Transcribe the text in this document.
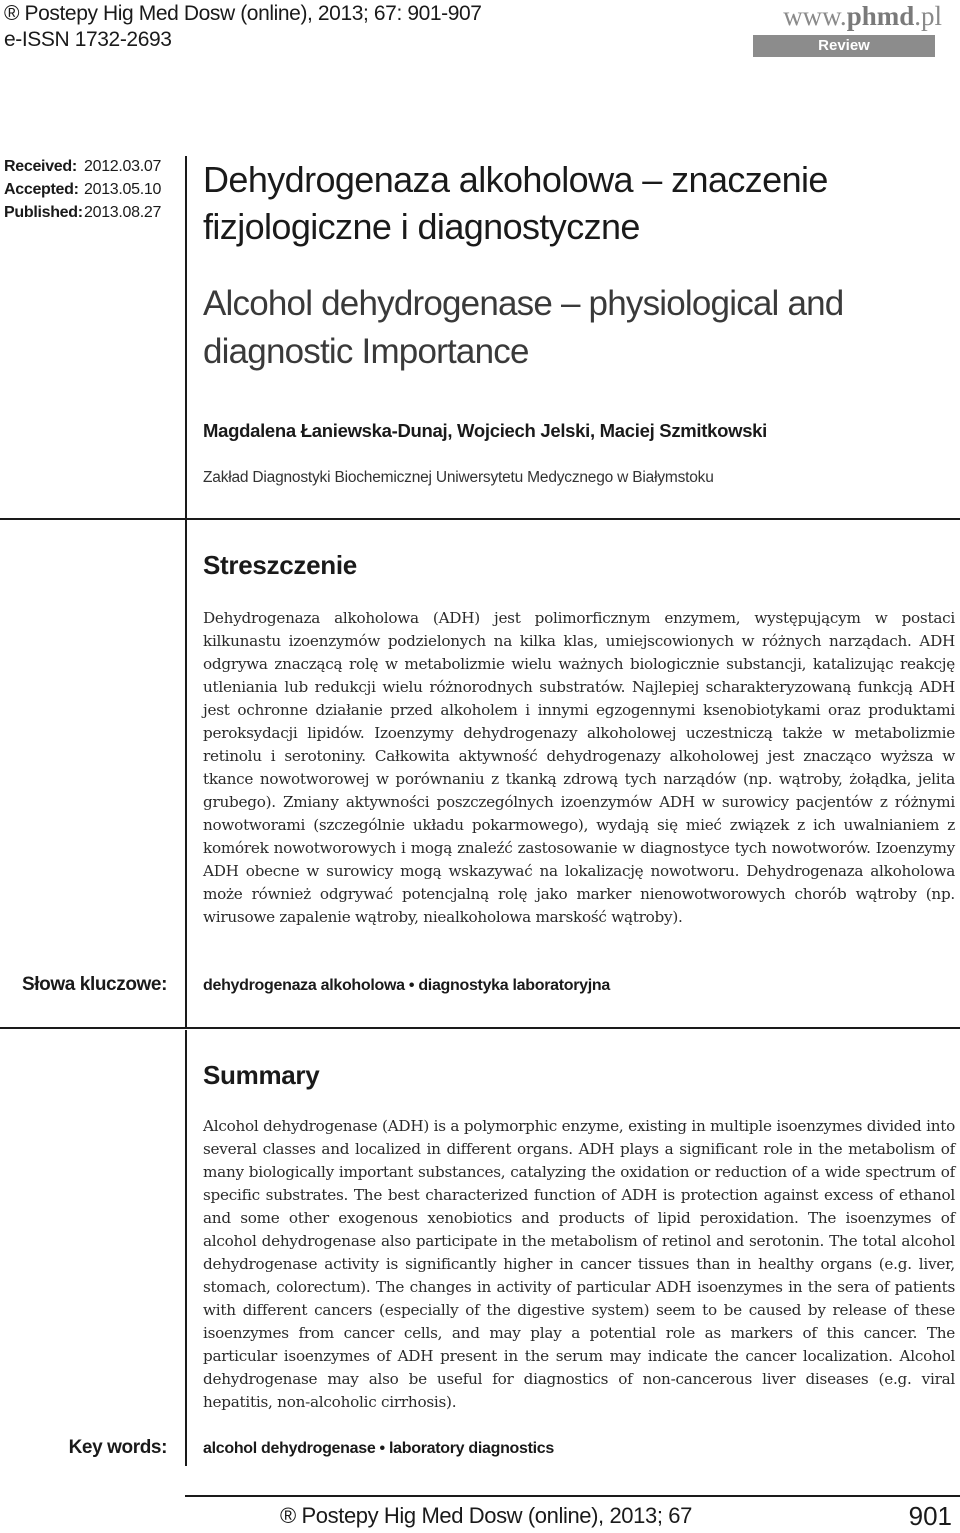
® Postepy Hig Med Dosw (online), 2013; 67: 901-907
e-ISSN 1732-2693
www.phmd.pl
Review
Received: 2012.03.07
Accepted: 2013.05.10
Published:2013.08.27
Dehydrogenaza alkoholowa – znaczenie fizjologiczne i diagnostyczne
Alcohol dehydrogenase – physiological and diagnostic Importance
Magdalena Łaniewska-Dunaj, Wojciech Jelski, Maciej Szmitkowski
Zakład Diagnostyki Biochemicznej Uniwersytetu Medycznego w Białymstoku
Streszczenie
Dehydrogenaza alkoholowa (ADH) jest polimorficznym enzymem, występującym w postaci kilkunastu izoenzymów podzielonych na kilka klas, umiejscowionych w różnych narządach. ADH odgrywa znaczącą rolę w metabolizmie wielu ważnych biologicznie substancji, katalizując reakcję utleniania lub redukcji wielu różnorodnych substratów. Najlepiej scharakteryzowaną funkcją ADH jest ochronne działanie przed alkoholem i innymi egzogennymi ksenobiotykami oraz produktami peroksydacji lipidów. Izoenzymy dehydrogenazy alkoholowej uczestniczą także w metabolizmie retinolu i serotoniny. Całkowita aktywność dehydrogenazy alkoholowej jest znacząco wyższa w tkance nowotworowej w porównaniu z tkanką zdrową tych narządów (np. wątroby, żołądka, jelita grubego). Zmiany aktywności poszczególnych izoenzymów ADH w surowicy pacjentów z różnymi nowotworami (szczególnie układu pokarmowego), wydają się mieć związek z ich uwalnianiem z komórek nowotworowych i mogą znaleźć zastosowanie w diagnostyce tych nowotworów. Izoenzymy ADH obecne w surowicy mogą wskazywać na lokalizację nowotworu. Dehydrogenaza alkoholowa może również odgrywać potencjalną rolę jako marker nienowotworowych chorób wątroby (np. wirusowe zapalenie wątroby, niealkoholowa marskość wątroby).
Słowa kluczowe: dehydrogenaza alkoholowa • diagnostyka laboratoryjna
Summary
Alcohol dehydrogenase (ADH) is a polymorphic enzyme, existing in multiple isoenzymes divided into several classes and localized in different organs. ADH plays a significant role in the metabolism of many biologically important substances, catalyzing the oxidation or reduction of a wide spectrum of specific substrates. The best characterized function of ADH is protection against excess of ethanol and some other exogenous xenobiotics and products of lipid peroxidation. The isoenzymes of alcohol dehydrogenase also participate in the metabolism of retinol and serotonin. The total alcohol dehydrogenase activity is significantly higher in cancer tissues than in healthy organs (e.g. liver, stomach, colorectum). The changes in activity of particular ADH isoenzymes in the sera of patients with different cancers (especially of the digestive system) seem to be caused by release of these isoenzymes from cancer cells, and may play a potential role as markers of this cancer. The particular isoenzymes of ADH present in the serum may indicate the cancer localization. Alcohol dehydrogenase may also be useful for diagnostics of non-cancerous liver diseases (e.g. viral hepatitis, non-alcoholic cirrhosis).
Key words: alcohol dehydrogenase • laboratory diagnostics
® Postepy Hig Med Dosw (online), 2013; 67	901
